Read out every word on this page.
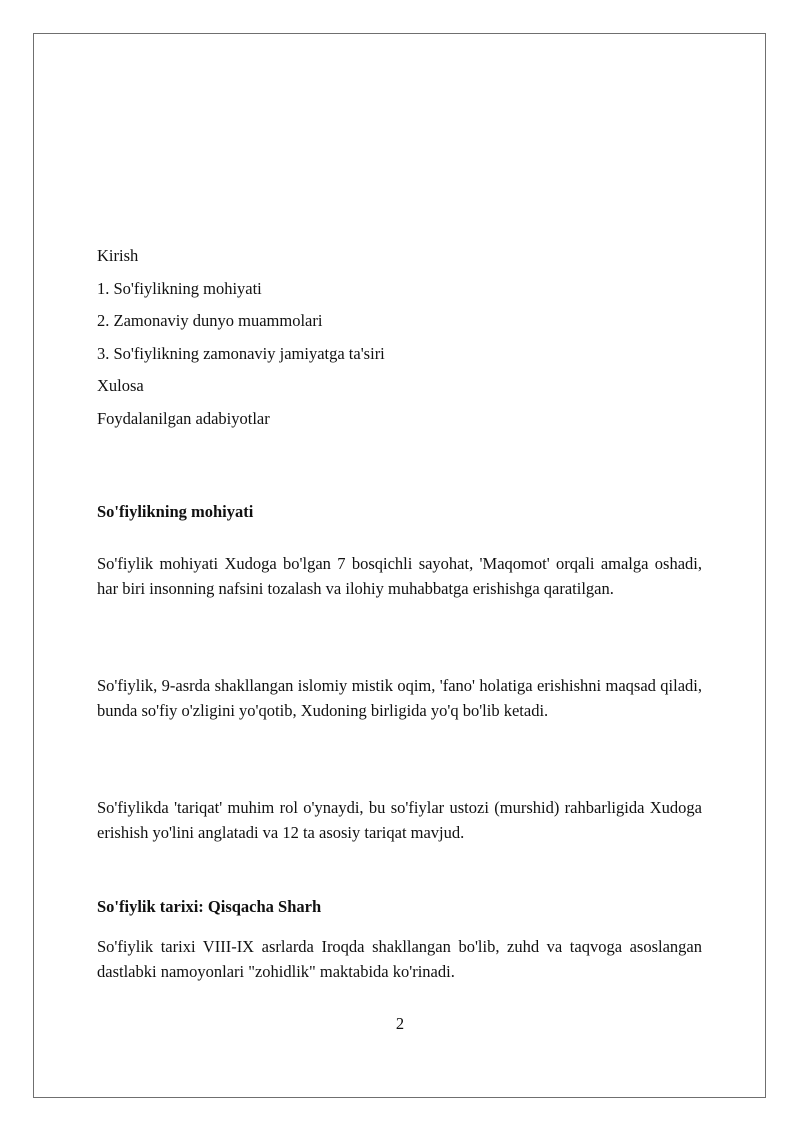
Kirish
1. So'fiylikning mohiyati
2. Zamonaviy dunyo muammolari
3. So'fiylikning zamonaviy jamiyatga ta'siri
Xulosa
Foydalanilgan adabiyotlar
So'fiylikning mohiyati
So'fiylik mohiyati Xudoga bo'lgan 7 bosqichli sayohat, 'Maqomot' orqali amalga oshadi, har biri insonning nafsini tozalash va ilohiy muhabbatga erishishga qaratilgan.
So'fiylik, 9-asrda shakllangan islomiy mistik oqim, 'fano' holatiga erishishni maqsad qiladi, bunda so'fiy o'zligini yo'qotib, Xudoning birligida yo'q bo'lib ketadi.
So'fiylikda 'tariqat' muhim rol o'ynaydi, bu so'fiylar ustozi (murshid) rahbarligida Xudoga erishish yo'lini anglatadi va 12 ta asosiy tariqat mavjud.
So'fiylik tarixi: Qisqacha Sharh
So'fiylik tarixi VIII-IX asrlarda Iroqda shakllangan bo'lib, zuhd va taqvoga asoslangan dastlabki namoyonlari "zohidlik" maktabida ko'rinadi.
2
